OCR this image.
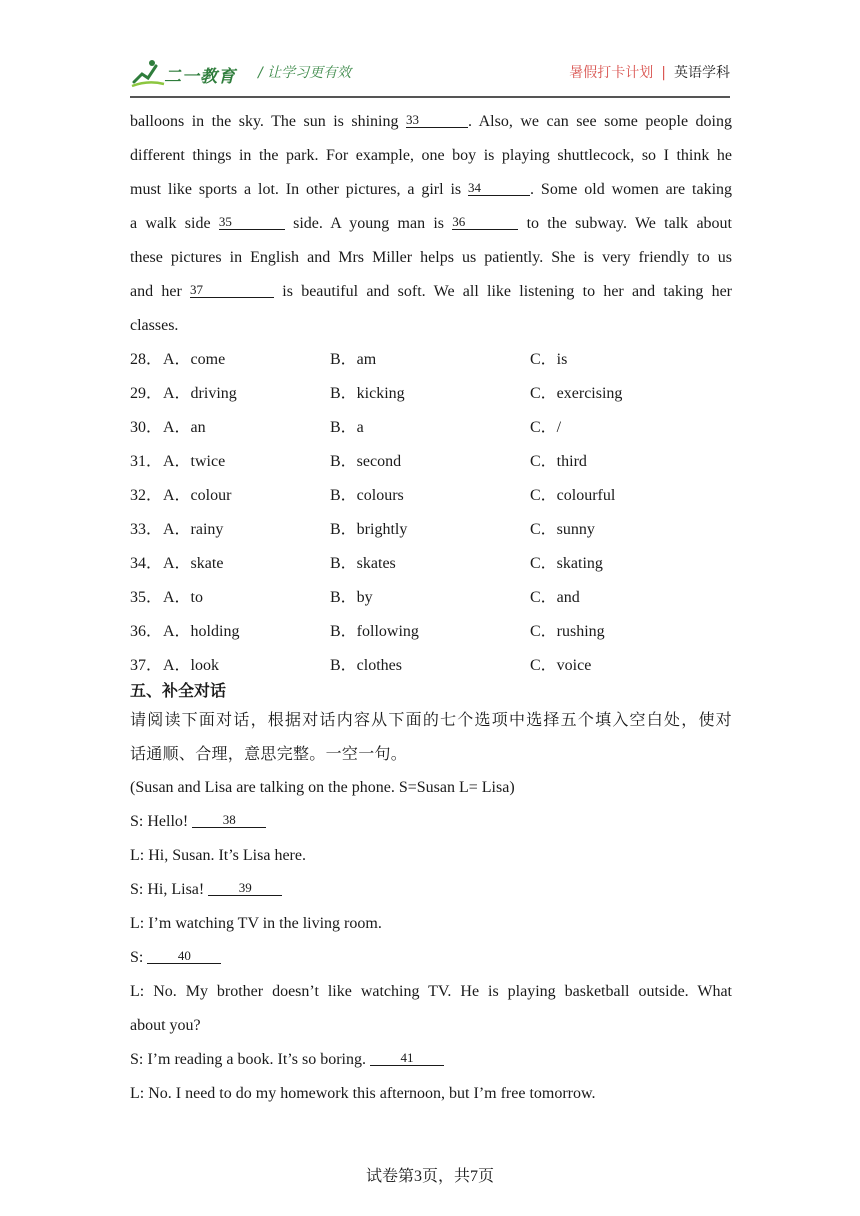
二一教育 / 让学习更有效	暑假打卡计划 | 英语学科
balloons in the sky. The sun is shining 33	. Also, we can see some people doing
different things in the park. For example, one boy is playing shuttlecock, so I think he
must like sports a lot. In other pictures, a girl is 34	. Some old women are taking
a walk side 35	side. A young man is 36	to the subway. We talk about
these pictures in English and Mrs Miller helps us patiently. She is very friendly to us
and her 37	is beautiful and soft. We all like listening to her and taking her
classes.
28． A．come	B．am	C．is
29． A．driving	B．kicking	C．exercising
30． A．an	B．a	C．/
31． A．twice	B．second	C．third
32． A．colour	B．colours	C．colourful
33． A．rainy	B．brightly	C．sunny
34． A．skate	B．skates	C．skating
35． A．to	B．by	C．and
36． A．holding	B．following	C．rushing
37． A．look	B．clothes	C．voice
五、补全对话
请阅读下面对话，根据对话内容从下面的七个选项中选择五个填入空白处，使对
话通顺、合理，意思完整。一空一句。
(Susan and Lisa are talking on the phone. S=Susan L= Lisa)
S: Hello!	38
L: Hi, Susan. It’s Lisa here.
S: Hi, Lisa!	39
L: I’m watching TV in the living room.
S:	40
L: No. My brother doesn’t like watching TV. He is playing basketball outside. What
about you?
S: I’m reading a book. It’s so boring.	41
L: No. I need to do my homework this afternoon, but I’m free tomorrow.
试卷第3页，共7页
